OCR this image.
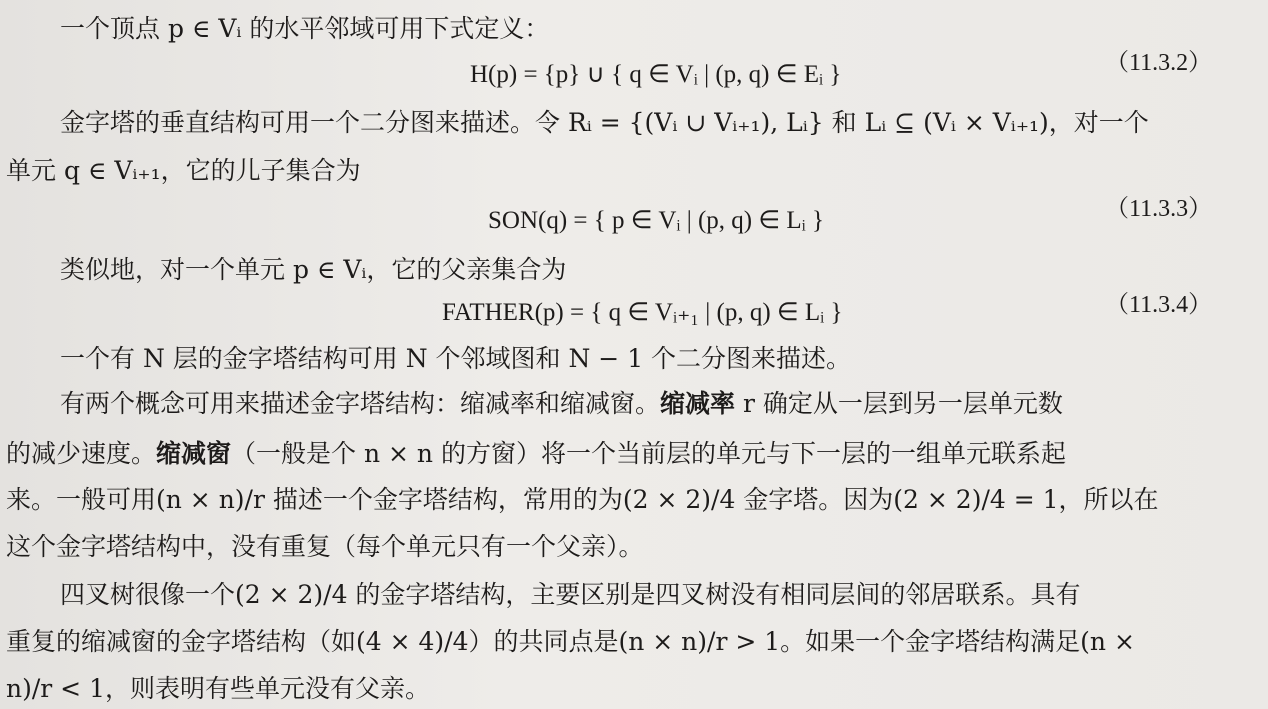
一个顶点 p ∈ Vᵢ 的水平邻域可用下式定义：
H(p) = {p} ∪ { q ∈ Vᵢ | (p, q) ∈ Eᵢ }	（11.3.2）
金字塔的垂直结构可用一个二分图来描述。令 Rᵢ = {(Vᵢ ∪ Vᵢ₊₁), Lᵢ} 和 Lᵢ ⊆ (Vᵢ × Vᵢ₊₁)，对一个
单元 q ∈ Vᵢ₊₁，它的儿子集合为
SON(q) = { p ∈ Vᵢ | (p, q) ∈ Lᵢ }	（11.3.3）
类似地，对一个单元 p ∈ Vᵢ，它的父亲集合为
FATHER(p) = { q ∈ Vᵢ₊₁ | (p, q) ∈ Lᵢ }	（11.3.4）
一个有 N 层的金字塔结构可用 N 个邻域图和 N − 1 个二分图来描述。
有两个概念可用来描述金字塔结构：缩减率和缩减窗。缩减率 r 确定从一层到另一层单元数
的减少速度。缩减窗（一般是个 n × n 的方窗）将一个当前层的单元与下一层的一组单元联系起
来。一般可用(n × n)/r 描述一个金字塔结构，常用的为(2 × 2)/4 金字塔。因为(2 × 2)/4 = 1，所以在
这个金字塔结构中，没有重复（每个单元只有一个父亲）。
四叉树很像一个(2 × 2)/4 的金字塔结构，主要区别是四叉树没有相同层间的邻居联系。具有
重复的缩减窗的金字塔结构（如(4 × 4)/4）的共同点是(n × n)/r > 1。如果一个金字塔结构满足(n ×
n)/r < 1，则表明有些单元没有父亲。
